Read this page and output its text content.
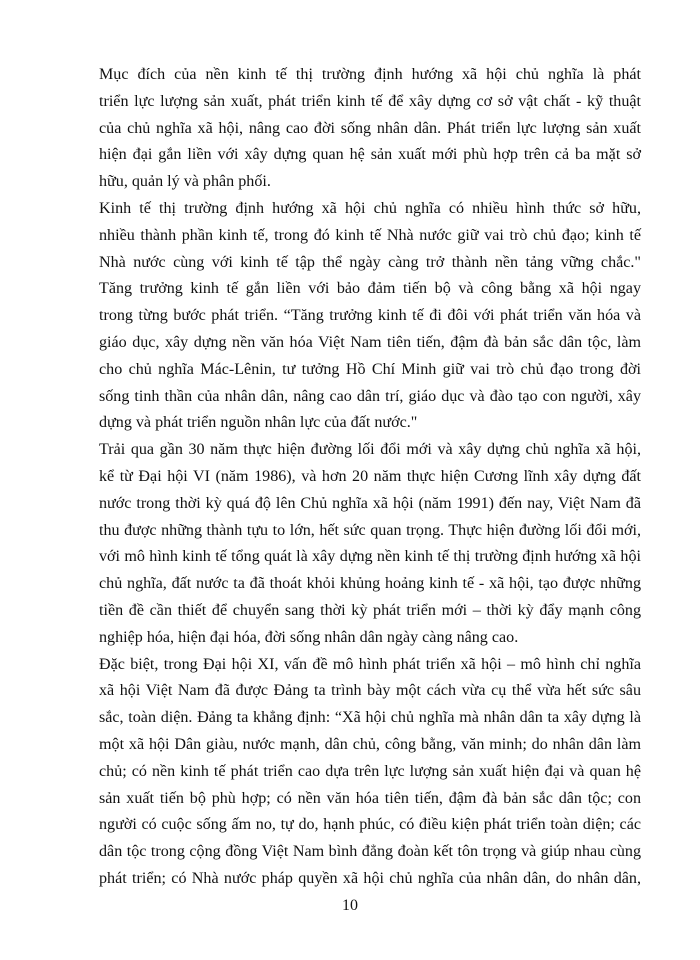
Mục đích của nền kinh tế thị trường định hướng xã hội chủ nghĩa là phát
triển lực lượng sản xuất, phát triển kinh tế để xây dựng cơ sở vật chất - kỹ thuật
của chủ nghĩa xã hội, nâng cao đời sống nhân dân. Phát triển lực lượng sản xuất
hiện đại gắn liền với xây dựng quan hệ sản xuất mới phù hợp trên cả ba mặt sở
hữu, quản lý và phân phối.
Kinh tế thị trường định hướng xã hội chủ nghĩa có nhiều hình thức sở hữu,
nhiều thành phần kinh tế, trong đó kinh tế Nhà nước giữ vai trò chủ đạo; kinh tế
Nhà nước cùng với kinh tế tập thể ngày càng trở thành nền tảng vững chắc."
Tăng trưởng kinh tế gắn liền với bảo đảm tiến bộ và công bằng xã hội ngay
trong từng bước phát triển. “Tăng trưởng kinh tế đi đôi với phát triển văn hóa và
giáo dục, xây dựng nền văn hóa Việt Nam tiên tiến, đậm đà bản sắc dân tộc, làm
cho chủ nghĩa Mác-Lênin, tư tưởng Hồ Chí Minh giữ vai trò chủ đạo trong đời
sống tinh thần của nhân dân, nâng cao dân trí, giáo dục và đào tạo con người, xây
dựng và phát triển nguồn nhân lực của đất nước."
Trải qua gần 30 năm thực hiện đường lối đổi mới và xây dựng chủ nghĩa xã hội,
kể từ Đại hội VI (năm 1986), và hơn 20 năm thực hiện Cương lĩnh xây dựng đất
nước trong thời kỳ quá độ lên Chủ nghĩa xã hội (năm 1991) đến nay, Việt Nam đã
thu được những thành tựu to lớn, hết sức quan trọng. Thực hiện đường lối đổi mới,
với mô hình kinh tế tổng quát là xây dựng nền kinh tế thị trường định hướng xã hội
chủ nghĩa, đất nước ta đã thoát khỏi khủng hoảng kinh tế - xã hội, tạo được những
tiền đề cần thiết để chuyển sang thời kỳ phát triển mới – thời kỳ đẩy mạnh công
nghiệp hóa, hiện đại hóa, đời sống nhân dân ngày càng nâng cao.
Đặc biệt, trong Đại hội XI, vấn đề mô hình phát triển xã hội – mô hình chỉ nghĩa
xã hội Việt Nam đã được Đảng ta trình bày một cách vừa cụ thể vừa hết sức sâu
sắc, toàn diện. Đảng ta khẳng định: “Xã hội chủ nghĩa mà nhân dân ta xây dựng là
một xã hội Dân giàu, nước mạnh, dân chủ, công bằng, văn minh; do nhân dân làm
chủ; có nền kinh tế phát triển cao dựa trên lực lượng sản xuất hiện đại và quan hệ
sản xuất tiến bộ phù hợp; có nền văn hóa tiên tiến, đậm đà bản sắc dân tộc; con
người có cuộc sống ấm no, tự do, hạnh phúc, có điều kiện phát triển toàn diện; các
dân tộc trong cộng đồng Việt Nam bình đẳng đoàn kết tôn trọng và giúp nhau cùng
phát triển; có Nhà nước pháp quyền xã hội chủ nghĩa của nhân dân, do nhân dân,
10
